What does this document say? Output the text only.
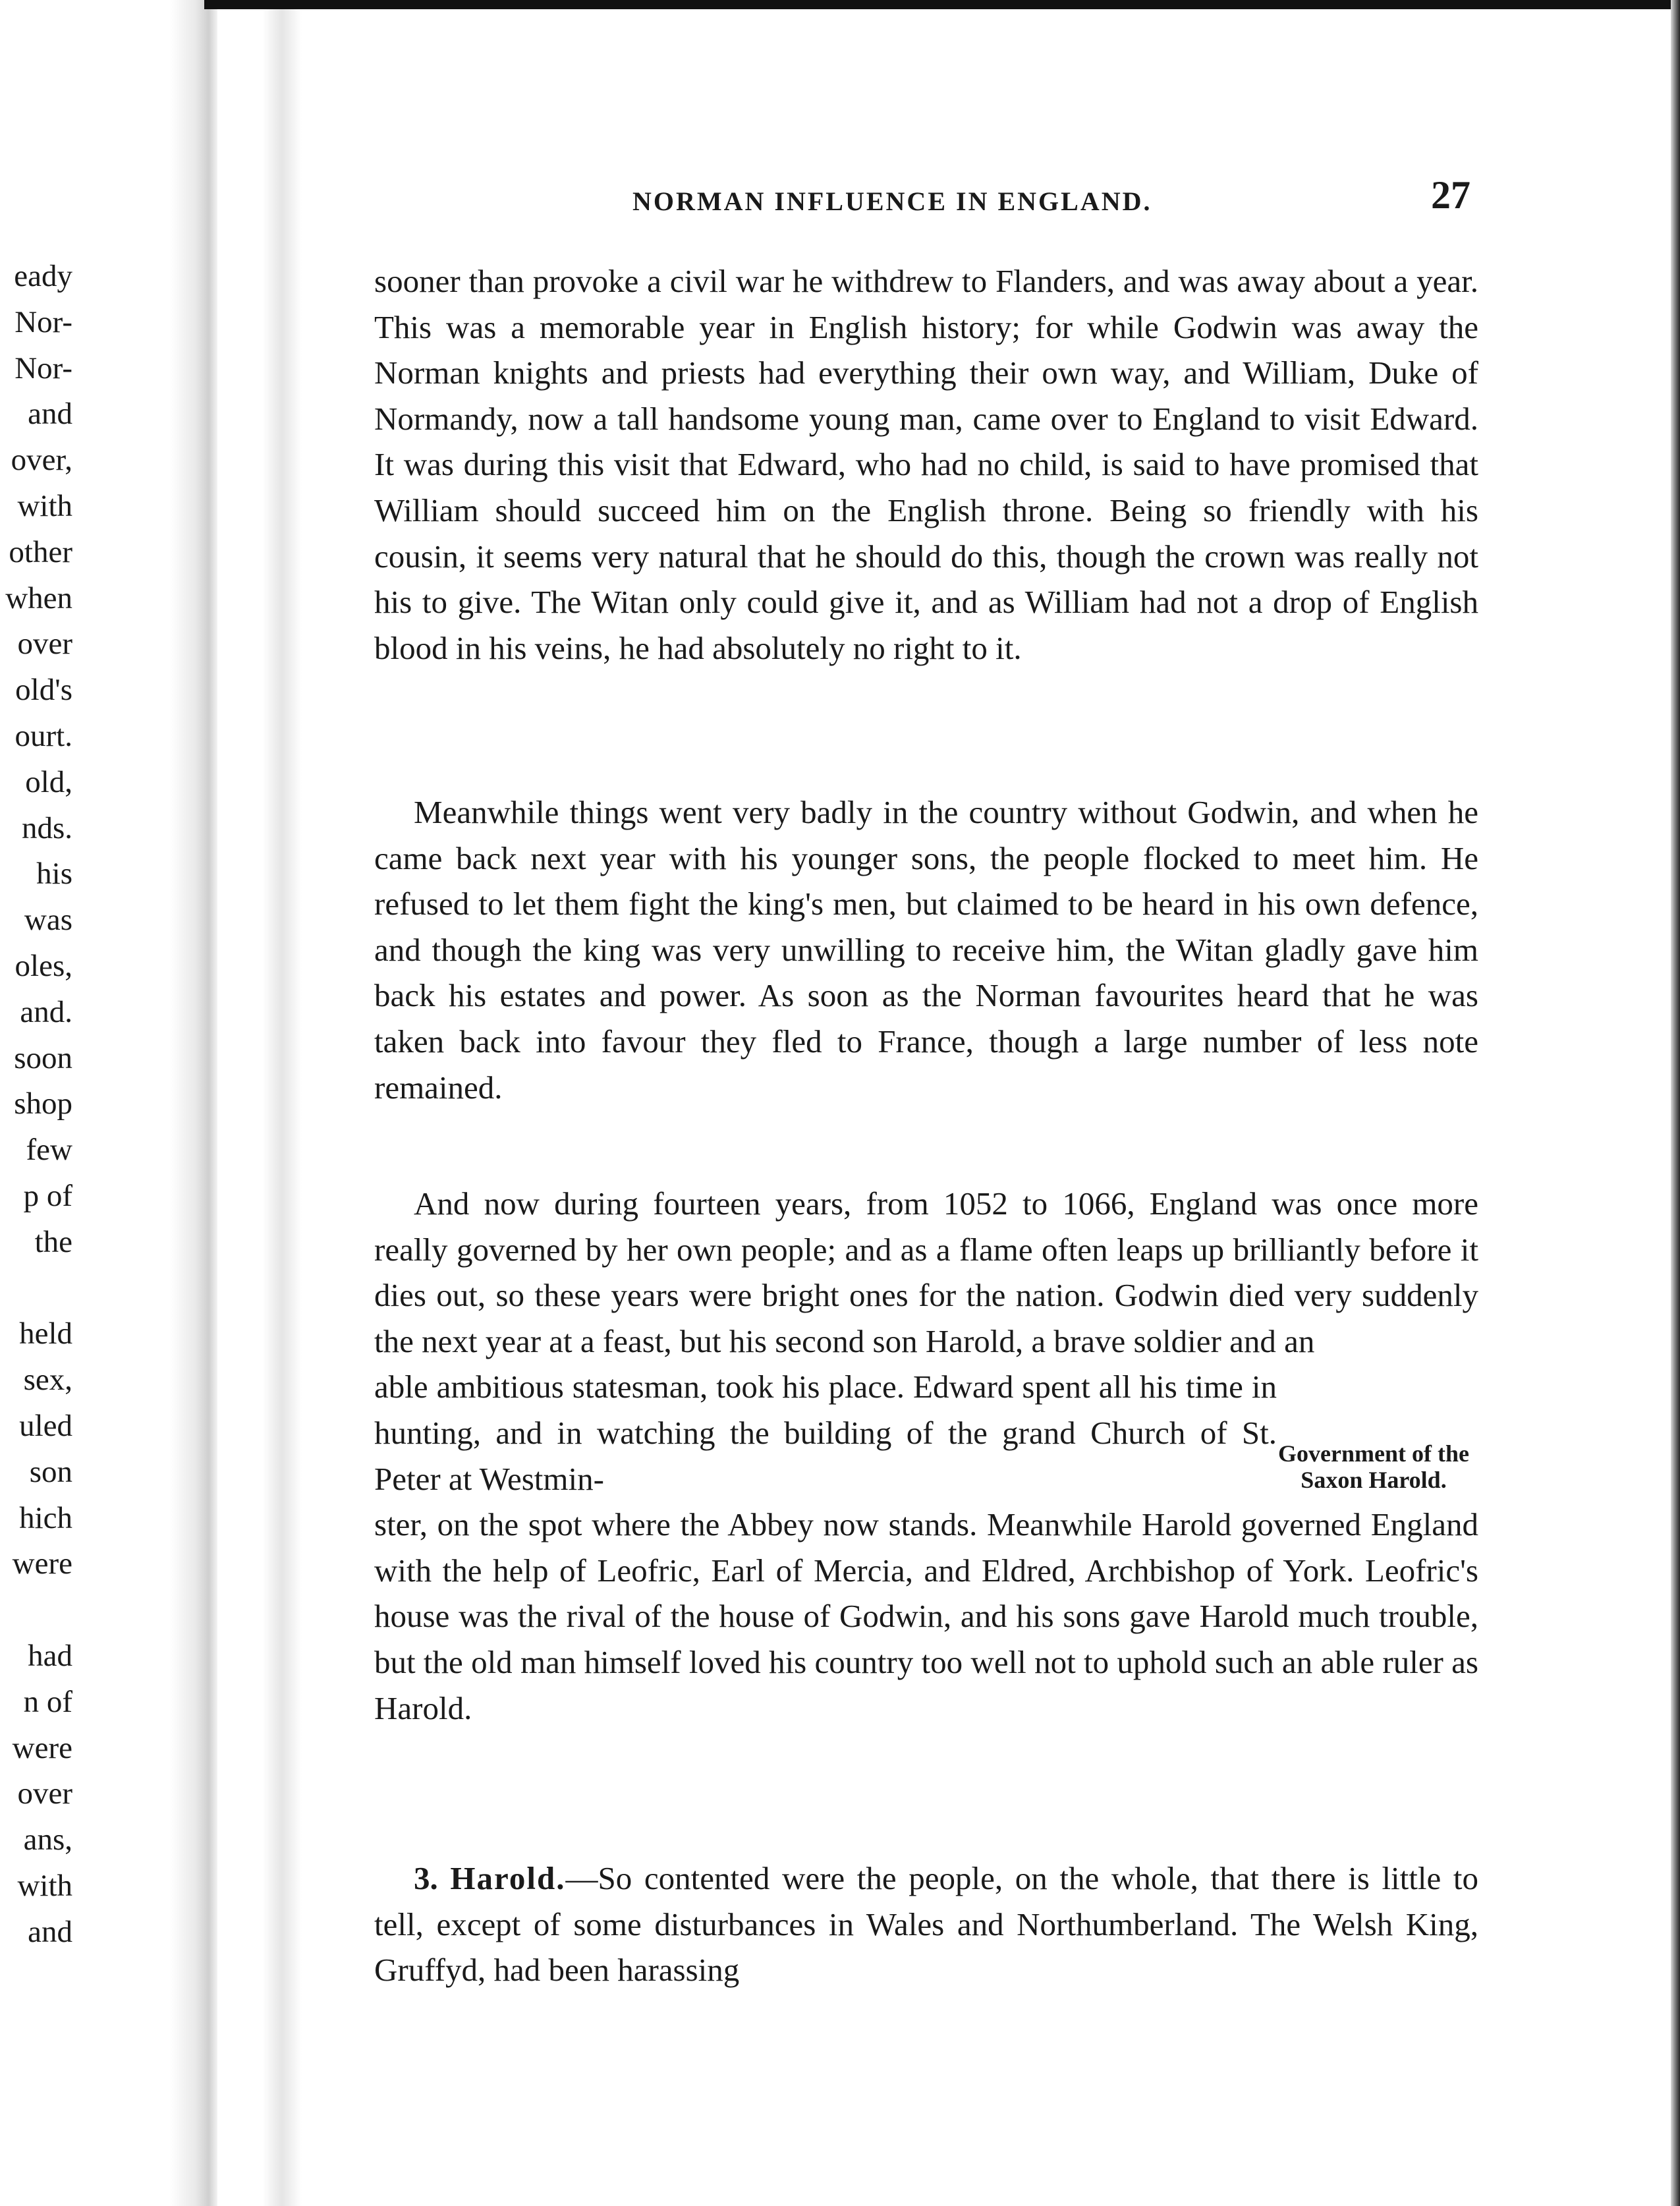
eady
Nor-
Nor-
and
over,
with
other
when
over
old's
ourt.
old,
nds.
his
was
oles,
and.
soon
shop
few
p of
the
held
sex,
uled
son
hich
were
had
n of
were
over
ans,
with
and
NORMAN INFLUENCE IN ENGLAND.	27

sooner than provoke a civil war he withdrew to Flanders, and was away about a year. This was a memorable year in English history; for while Godwin was away the Norman knights and priests had everything their own way, and William, Duke of Normandy, now a tall handsome young man, came over to England to visit Edward. It was during this visit that Edward, who had no child, is said to have promised that William should succeed him on the English throne. Being so friendly with his cousin, it seems very natural that he should do this, though the crown was really not his to give. The Witan only could give it, and as William had not a drop of English blood in his veins, he had absolutely no right to it.

Meanwhile things went very badly in the country without Godwin, and when he came back next year with his younger sons, the people flocked to meet him. He refused to let them fight the king's men, but claimed to be heard in his own defence, and though the king was very unwilling to receive him, the Witan gladly gave him back his estates and power. As soon as the Norman favourites heard that he was taken back into favour they fled to France, though a large number of less note remained.

And now during fourteen years, from 1052 to 1066, England was once more really governed by her own people; and as a flame often leaps up brilliantly before it dies out, so these years were bright ones for the nation. Godwin died very suddenly the next year at a feast, but his second son Harold, a brave soldier and an

able ambitious statesman, took his place. Edward spent all his time in hunting, and in watching the building of the grand Church of St. Peter at Westmin-

ster, on the spot where the Abbey now stands. Meanwhile Harold governed England with the help of Leofric, Earl of Mercia, and Eldred, Archbishop of York. Leofric's house was the rival of the house of Godwin, and his sons gave Harold much trouble, but the old man himself loved his country too well not to uphold such an able ruler as Harold.

Government of the Saxon Harold.

3. Harold.—So contented were the people, on the whole, that there is little to tell, except of some disturbances in Wales and Northumberland. The Welsh King, Gruffyd, had been harassing
